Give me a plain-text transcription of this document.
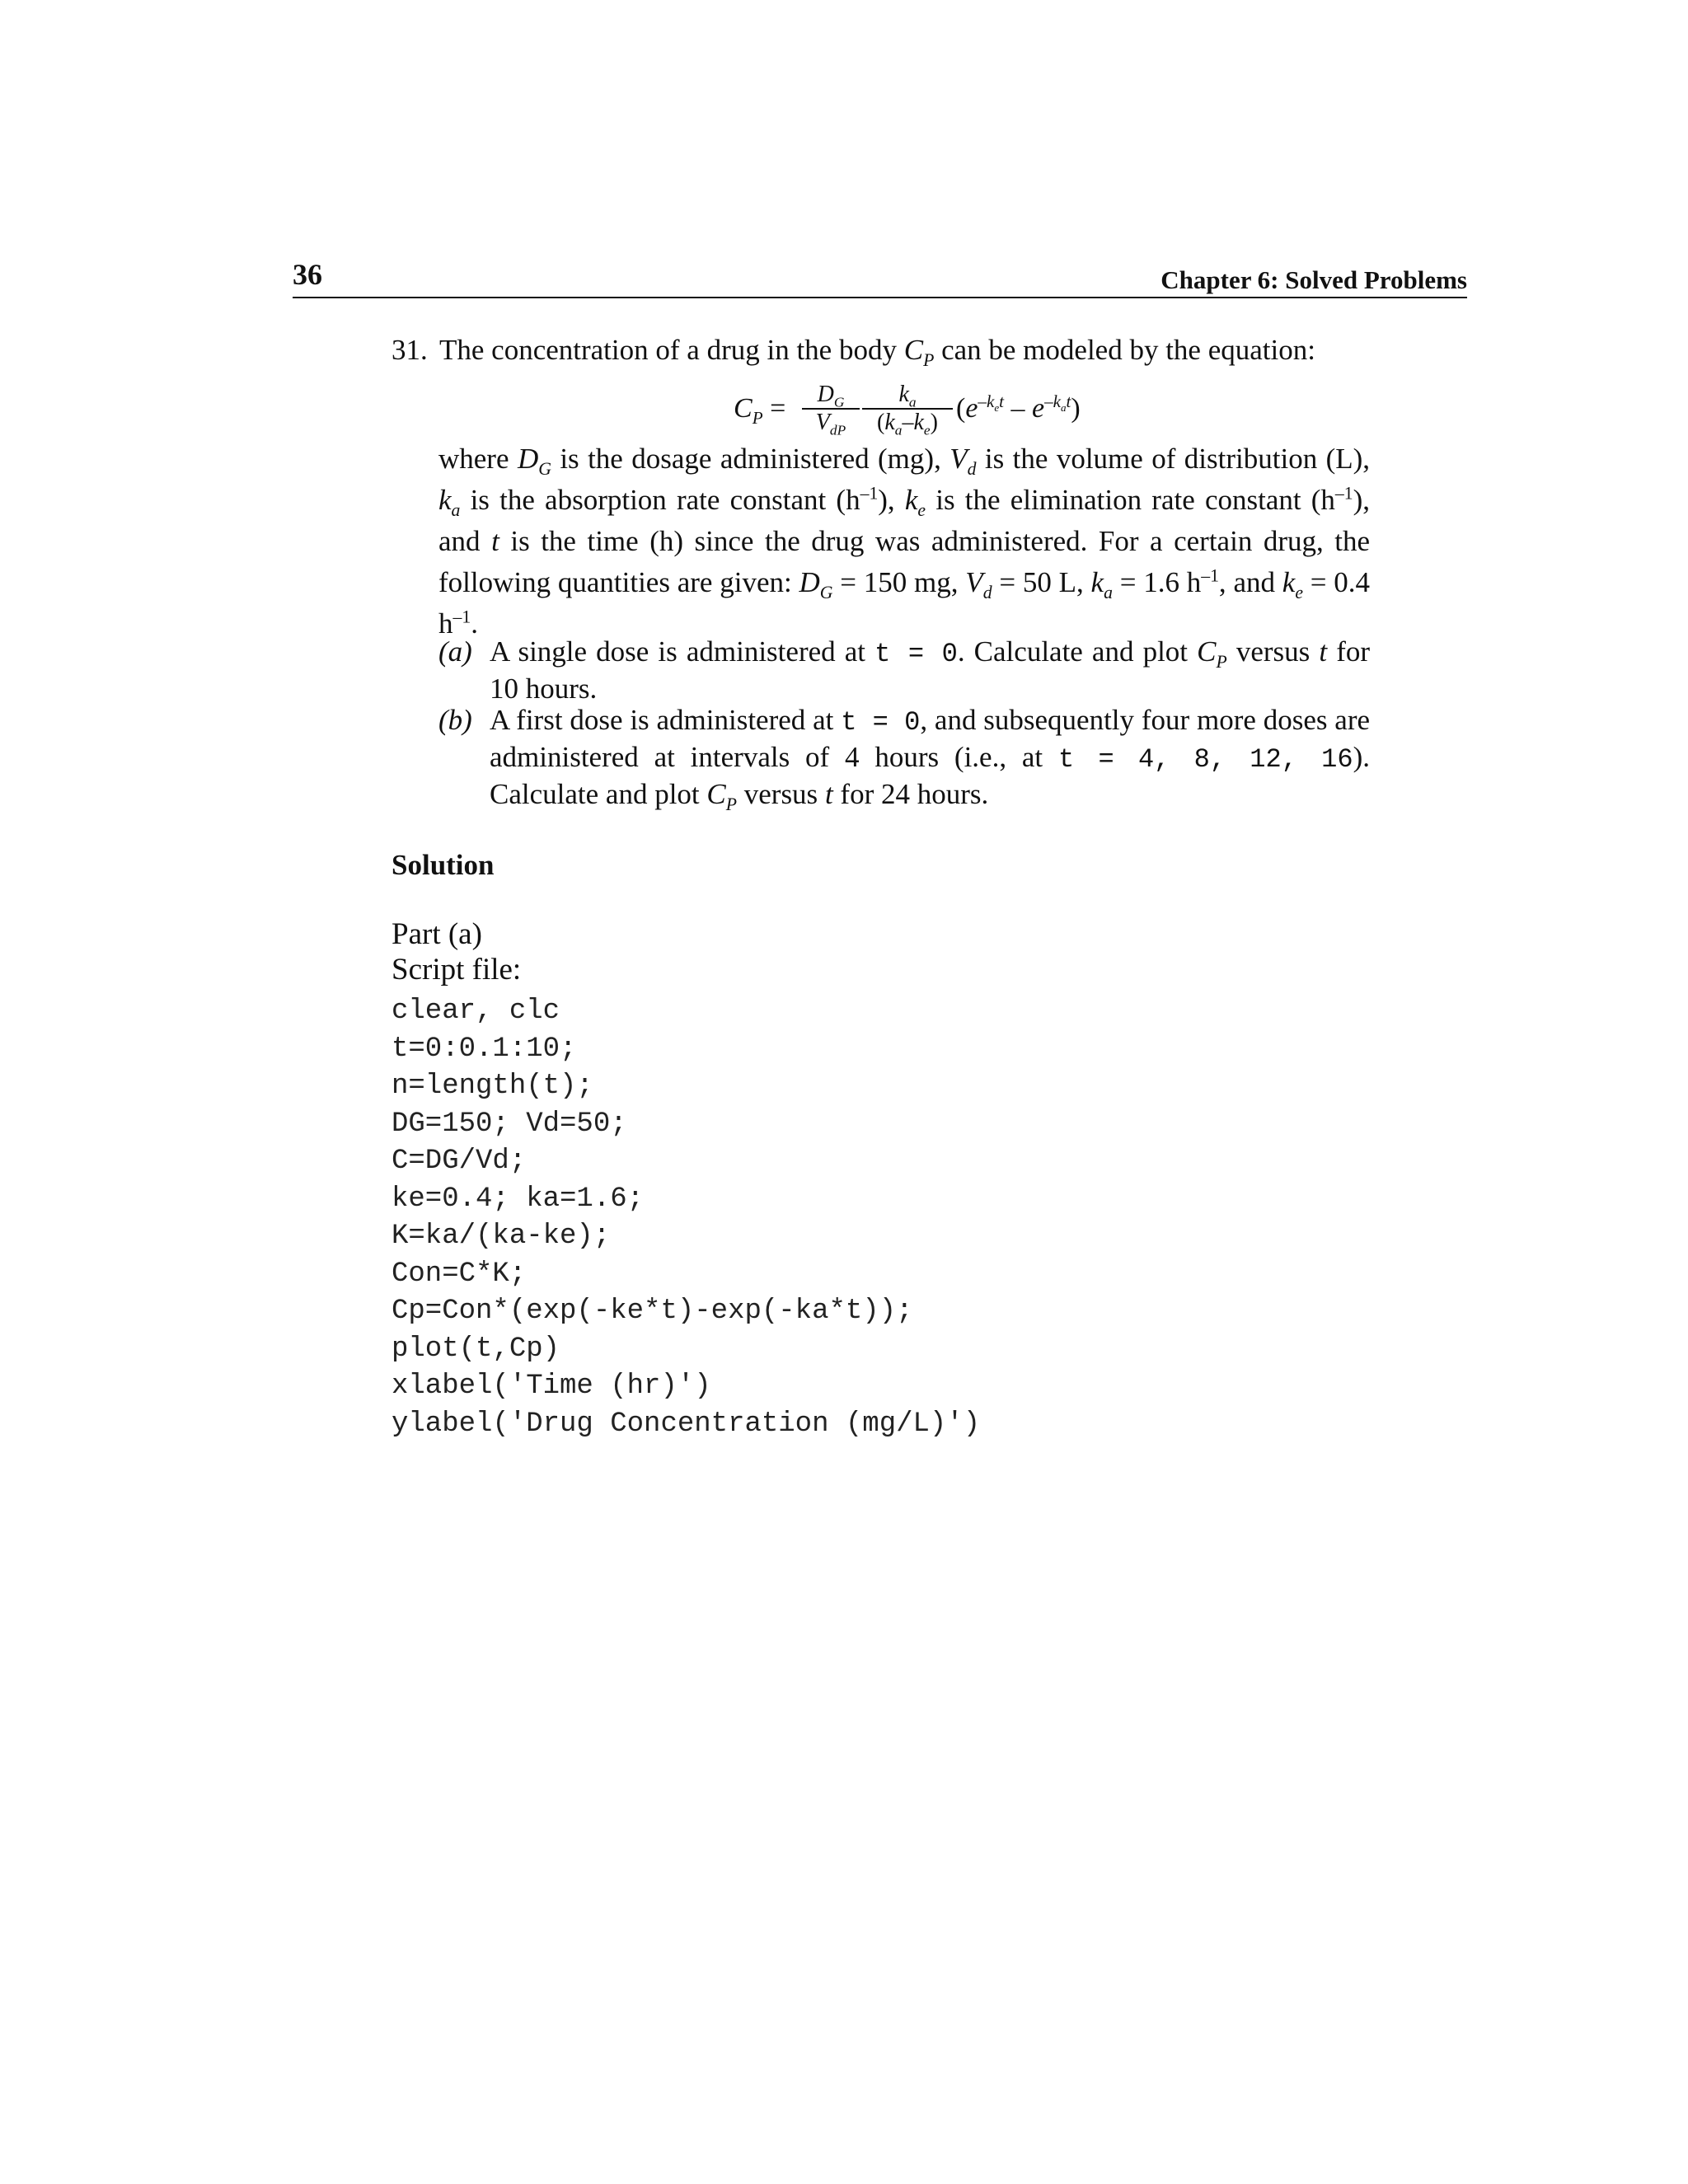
36	Chapter 6: Solved Problems
31. The concentration of a drug in the body $C_P$ can be modeled by the equation:
$C_P$ =	$D_G$
$V_{dP} \frac{k_a}{(k_a-k_e)} (e^{-k_et} - e^{-k_at})$

where $D_G$ is the dosage administered (mg), $V_d$ is the volume of distribution (L), $k_a$ is the absorption rate constant $(h^{-1})$, $k_e$ is the elimination rate constant $(h^{-1})$, and t is the time (h) since the drug was administered. For a certain drug, the following quantities are given: $D_G = 150$ mg, $V_d = 50$ L, $k_a = 1.6$ $h^{-1}$, and $k_e = 0.4$ $h^{-1}$.

(a) A single dose is administered at t = 0. Calculate and plot $C_P$ versus t for 10 hours.
(b) A first dose is administered at t = 0, and subsequently four more doses are administered at intervals of 4 hours (i.e., at t = 4, 8, 12, 16). Calculate and plot $C_P$ versus t for 24 hours.
Solution
Part (a)
Script file:
clear, clc
t=0:0.1:10;
n=length(t);
DG=150; Vd=50;
C=DG/Vd;
ke=0.4; ka=1.6;
K=ka/(ka-ke);
Con=C*K;
Cp=Con*(exp(-ke*t)-exp(-ka*t));
plot(t,Cp)
xlabel('Time (hr)')
ylabel('Drug Concentration (mg/L)')
